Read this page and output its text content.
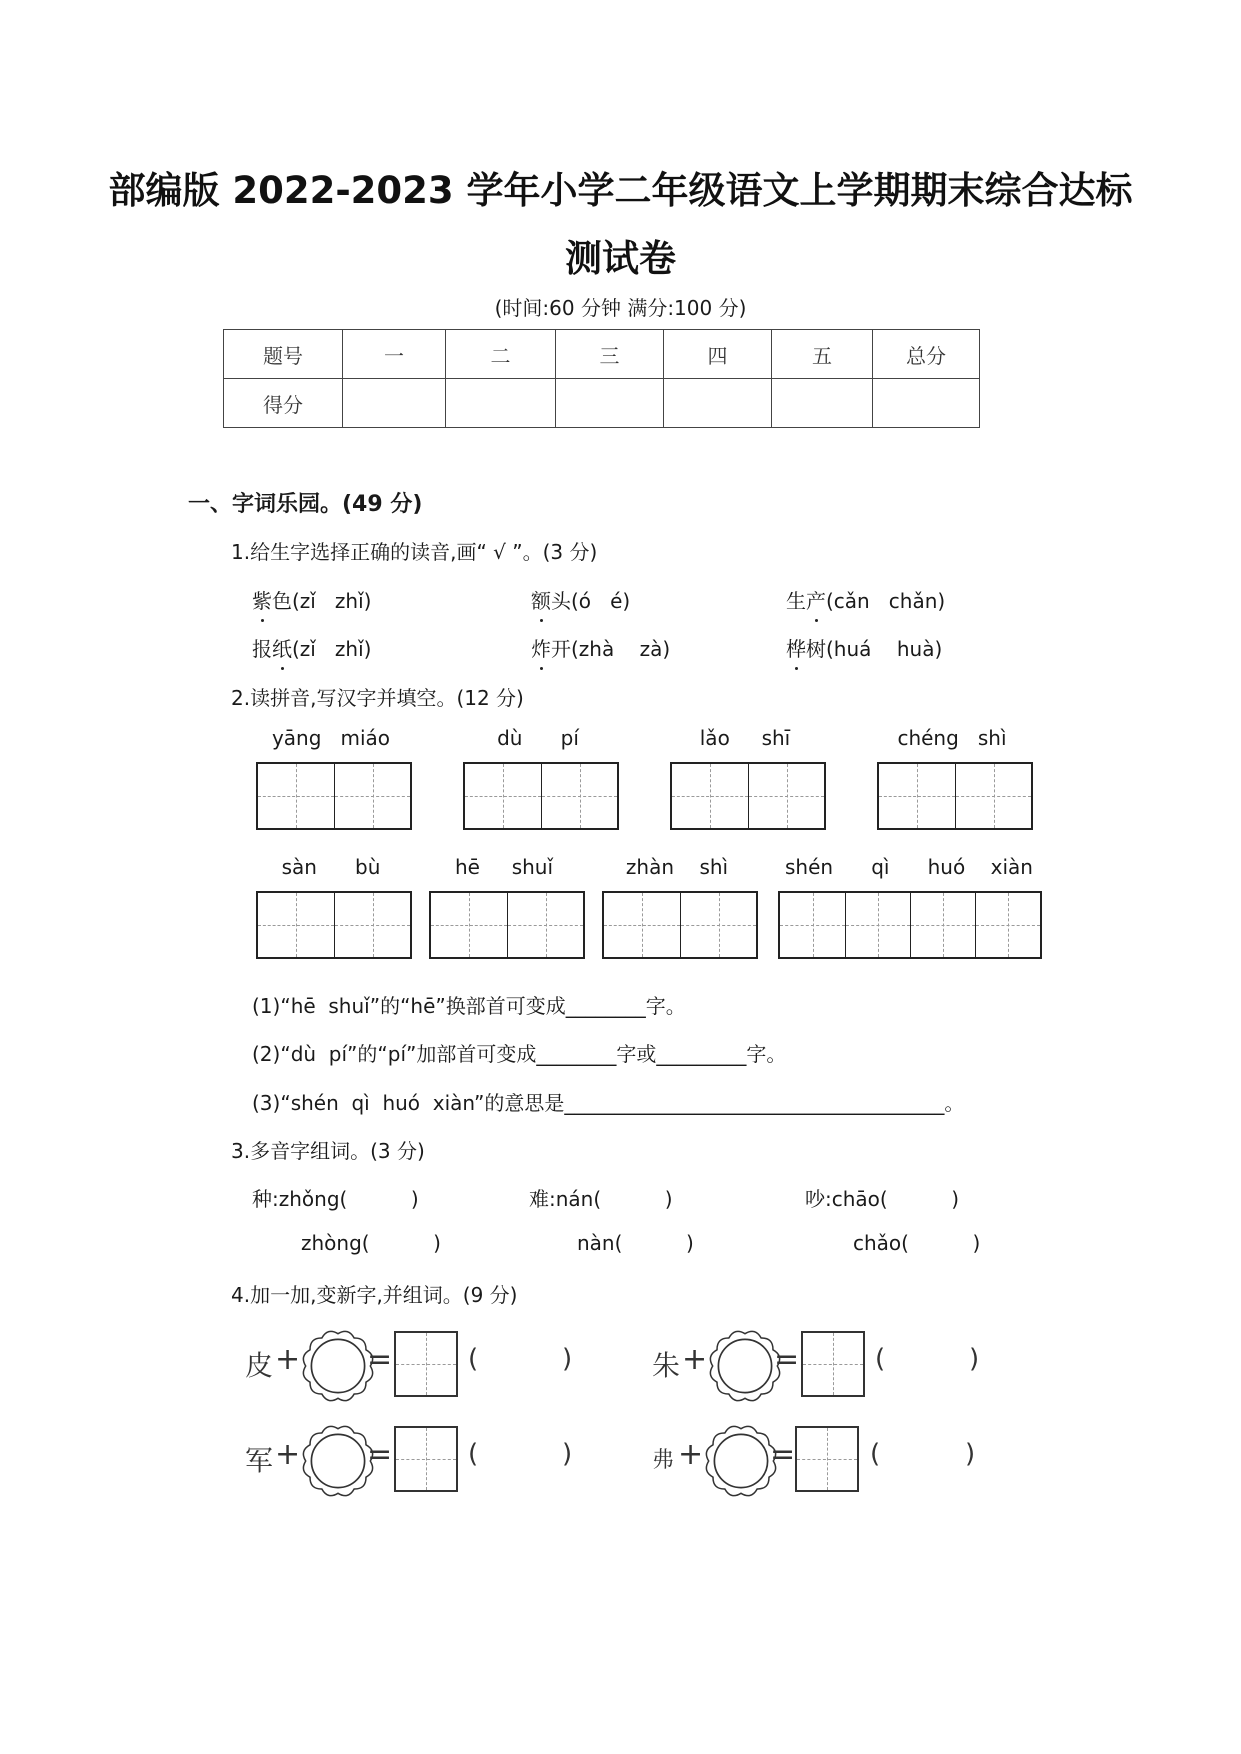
部编版 2022-2023 学年小学二年级语文上学期期末综合达标
测试卷
(时间:60 分钟 满分:100 分)
题号	一	二	三	四	五	总分
得分						
一、字词乐园。(49 分)
1.给生字选择正确的读音,画“ √ ”。(3 分)
紫色(zǐ   zhǐ)	额头(ó   é)	生产(cǎn   chǎn)
报纸(zǐ   zhǐ)	炸开(zhà    zà)	桦树(huá    huà)
2.读拼音,写汉字并填空。(12 分)
yāng   miáo	dù      pí	lǎo     shī	chéng   shì
sàn      bù	hē     shuǐ	zhàn    shì	shén      qì      huó    xiàn
(1)“hē  shuǐ”的“hē”换部首可变成________字。
(2)“dù  pí”的“pí”加部首可变成________字或_________字。
(3)“shén  qì  huó  xiàn”的意思是______________________________________。
3.多音字组词。(3 分)
种:zhǒng(          )	难:nán(          )	吵:chāo(          )
zhòng(          )	nàn(          )	chǎo(          )
4.加一加,变新字,并组词。(9 分)
皮 + =	(	)	朱 + =	(	)
军 + =	(	)	弗 + =	(	)
